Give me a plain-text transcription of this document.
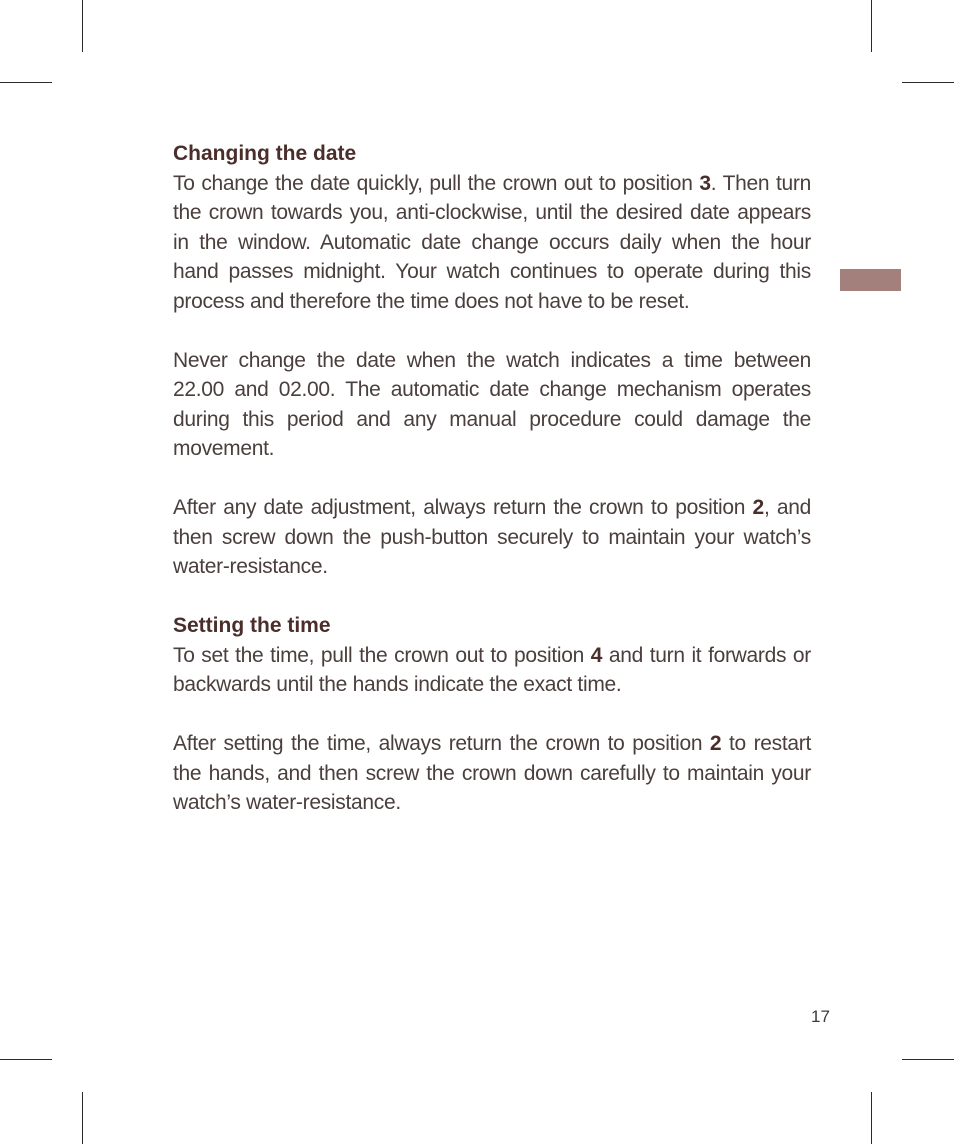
Changing the date

To change the date quickly, pull the crown out to position 3. Then turn the crown towards you, anti-clockwise, until the desired date appears in the window. Automatic date change occurs daily when the hour hand passes midnight. Your watch continues to operate during this process and therefore the time does not have to be reset.

Never change the date when the watch indicates a time between 22.00 and 02.00. The automatic date change mechanism operates during this period and any manual procedure could damage the movement.

After any date adjustment, always return the crown to position 2, and then screw down the push-button securely to maintain your watch’s water-resistance.

Setting the time

To set the time, pull the crown out to position 4 and turn it forwards or backwards until the hands indicate the exact time.

After setting the time, always return the crown to position 2 to restart the hands, and then screw the crown down carefully to maintain your watch’s water-resistance.

17
